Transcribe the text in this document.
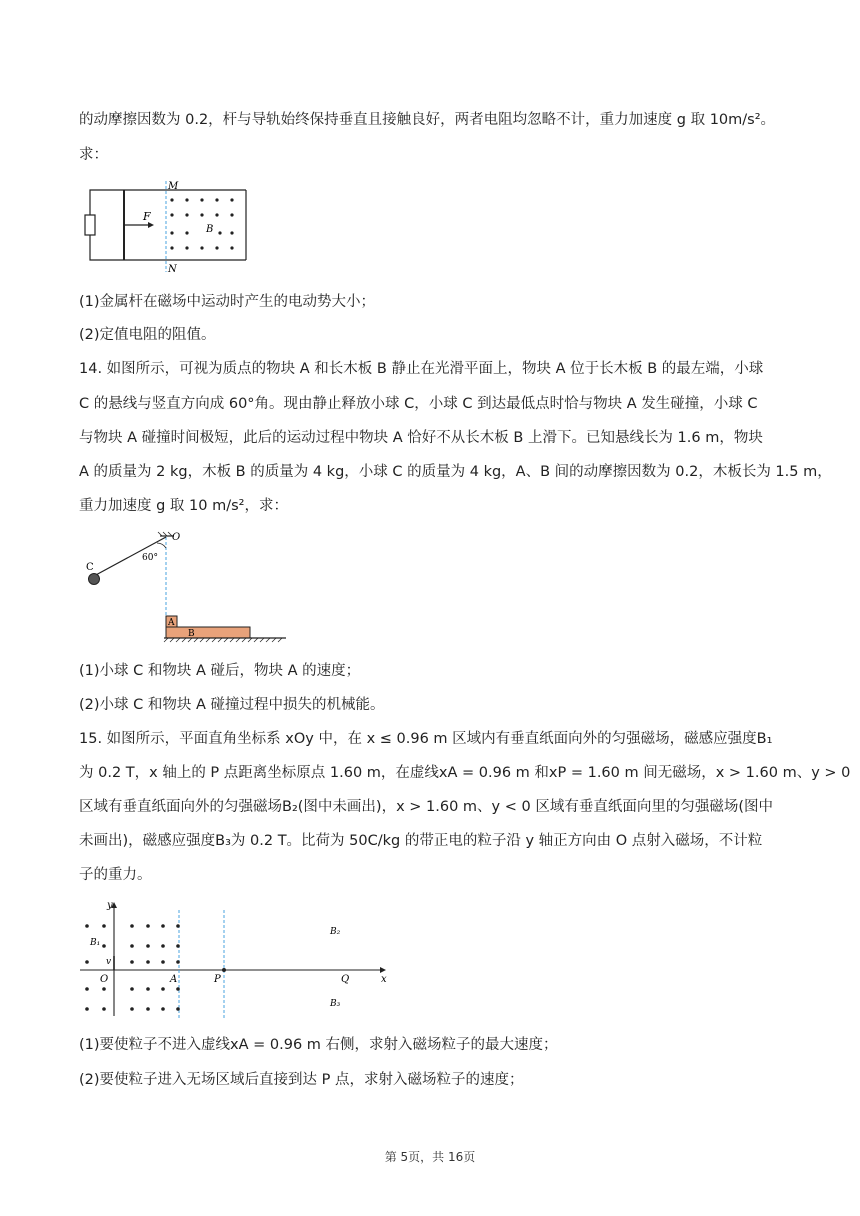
的动摩擦因数为 0.2，杆与导轨始终保持垂直且接触良好，两者电阻均忽略不计，重力加速度 g 取 10m/s²。
求：
F
M
N
B
(1)金属杆在磁场中运动时产生的电动势大小；
(2)定值电阻的阻值。
14. 如图所示，可视为质点的物块 A 和长木板 B 静止在光滑平面上，物块 A 位于长木板 B 的最左端，小球
C 的悬线与竖直方向成 60°角。现由静止释放小球 C，小球 C 到达最低点时恰与物块 A 发生碰撞，小球 C
与物块 A 碰撞时间极短，此后的运动过程中物块 A 恰好不从长木板 B 上滑下。已知悬线长为 1.6 m，物块
A 的质量为 2 kg，木板 B 的质量为 4 kg，小球 C 的质量为 4 kg，A、B 间的动摩擦因数为 0.2，木板长为 1.5 m，
重力加速度 g 取 10 m/s²，求：
O
60°
C
B
A
(1)小球 C 和物块 A 碰后，物块 A 的速度；
(2)小球 C 和物块 A 碰撞过程中损失的机械能。
15. 如图所示，平面直角坐标系 xOy 中，在 x ≤ 0.96 m 区域内有垂直纸面向外的匀强磁场，磁感应强度B₁
为 0.2 T，x 轴上的 P 点距离坐标原点 1.60 m，在虚线xA = 0.96 m 和xP = 1.60 m 间无磁场，x > 1.60 m、y > 0
区域有垂直纸面向外的匀强磁场B₂(图中未画出)，x > 1.60 m、y < 0 区域有垂直纸面向里的匀强磁场(图中
未画出)，磁感应强度B₃为 0.2 T。比荷为 50C/kg 的带正电的粒子沿 y 轴正方向由 O 点射入磁场，不计粒
子的重力。
x
y
v
O	A	P	Q
B₂
B₃
B₁
(1)要使粒子不进入虚线xA = 0.96 m 右侧，求射入磁场粒子的最大速度；
(2)要使粒子进入无场区域后直接到达 P 点，求射入磁场粒子的速度；
第 5页，共 16页
